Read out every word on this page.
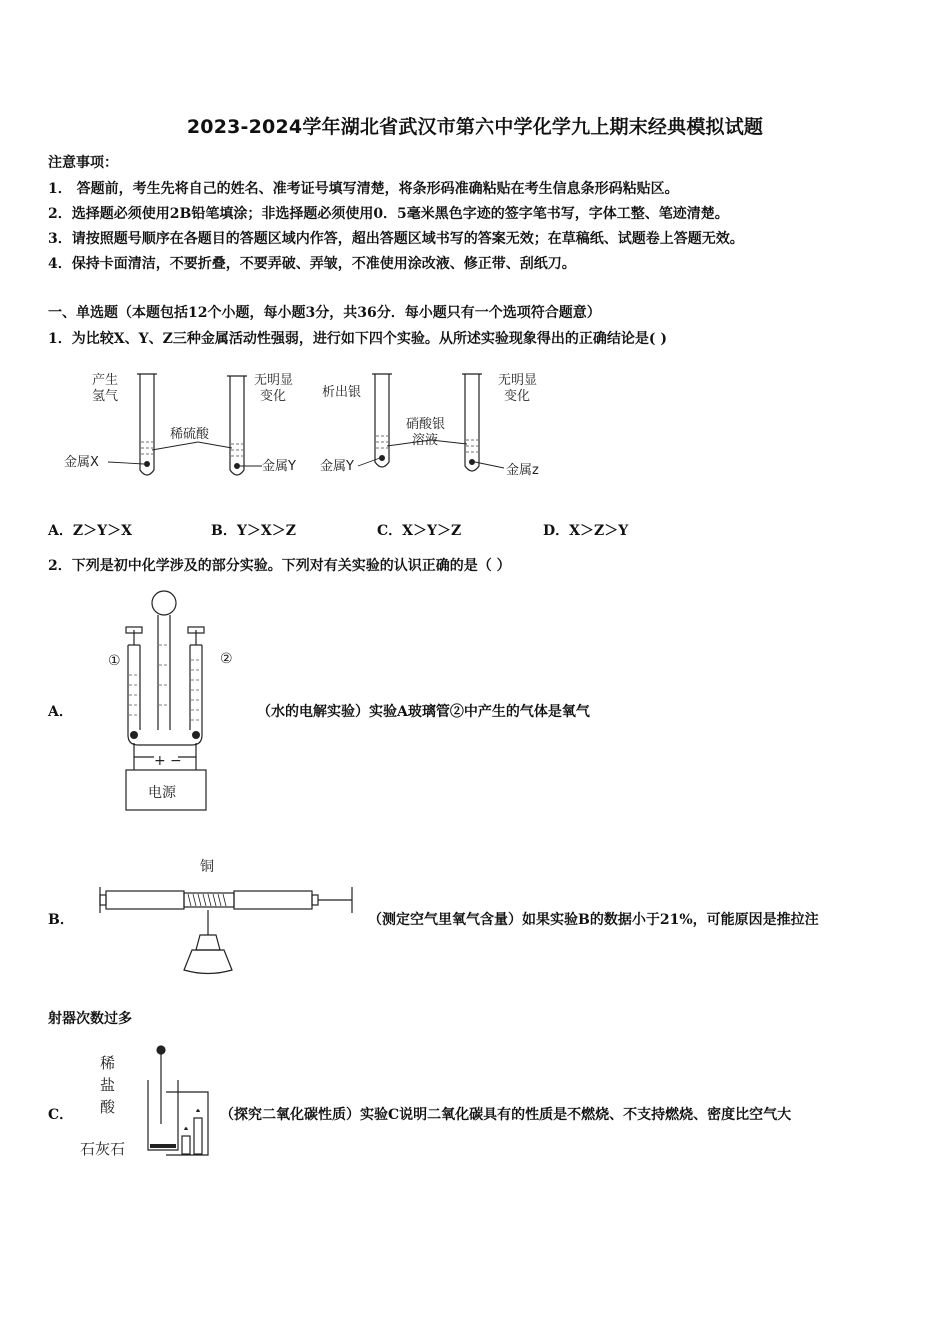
2023-2024学年湖北省武汉市第六中学化学九上期末经典模拟试题
注意事项：
1． 答题前，考生先将自己的姓名、准考证号填写清楚，将条形码准确粘贴在考生信息条形码粘贴区。
2．选择题必须使用2B铅笔填涂；非选择题必须使用0．5毫米黑色字迹的签字笔书写，字体工整、笔迹清楚。
3．请按照题号顺序在各题目的答题区域内作答，超出答题区域书写的答案无效；在草稿纸、试题卷上答题无效。
4．保持卡面清洁，不要折叠，不要弄破、弄皱，不准使用涂改液、修正带、刮纸刀。
一、单选题（本题包括12个小题，每小题3分，共36分．每小题只有一个选项符合题意）
1．为比较X、Y、Z三种金属活动性强弱，进行如下四个实验。从所述实验现象得出的正确结论是( )
产生
氢气
稀硫酸
金属X
无明显
变化
金属Y
析出银
硝酸银
溶液
金属Y
无明显
变化
金属z
A．Z＞Y＞X	B．Y＞X＞Z	C．X＞Y＞Z	D．X＞Z＞Y
2．下列是初中化学涉及的部分实验。下列对有关实验的认识正确的是（ ）
A．
①	②
+ −
电源
（水的电解实验）实验A玻璃管②中产生的气体是氧气
B．
铜
（测定空气里氧气含量）如果实验B的数据小于21%，可能原因是推拉注
射器次数过多
C．
稀
盐
酸
石灰石
（探究二氧化碳性质）实验C说明二氧化碳具有的性质是不燃烧、不支持燃烧、密度比空气大
